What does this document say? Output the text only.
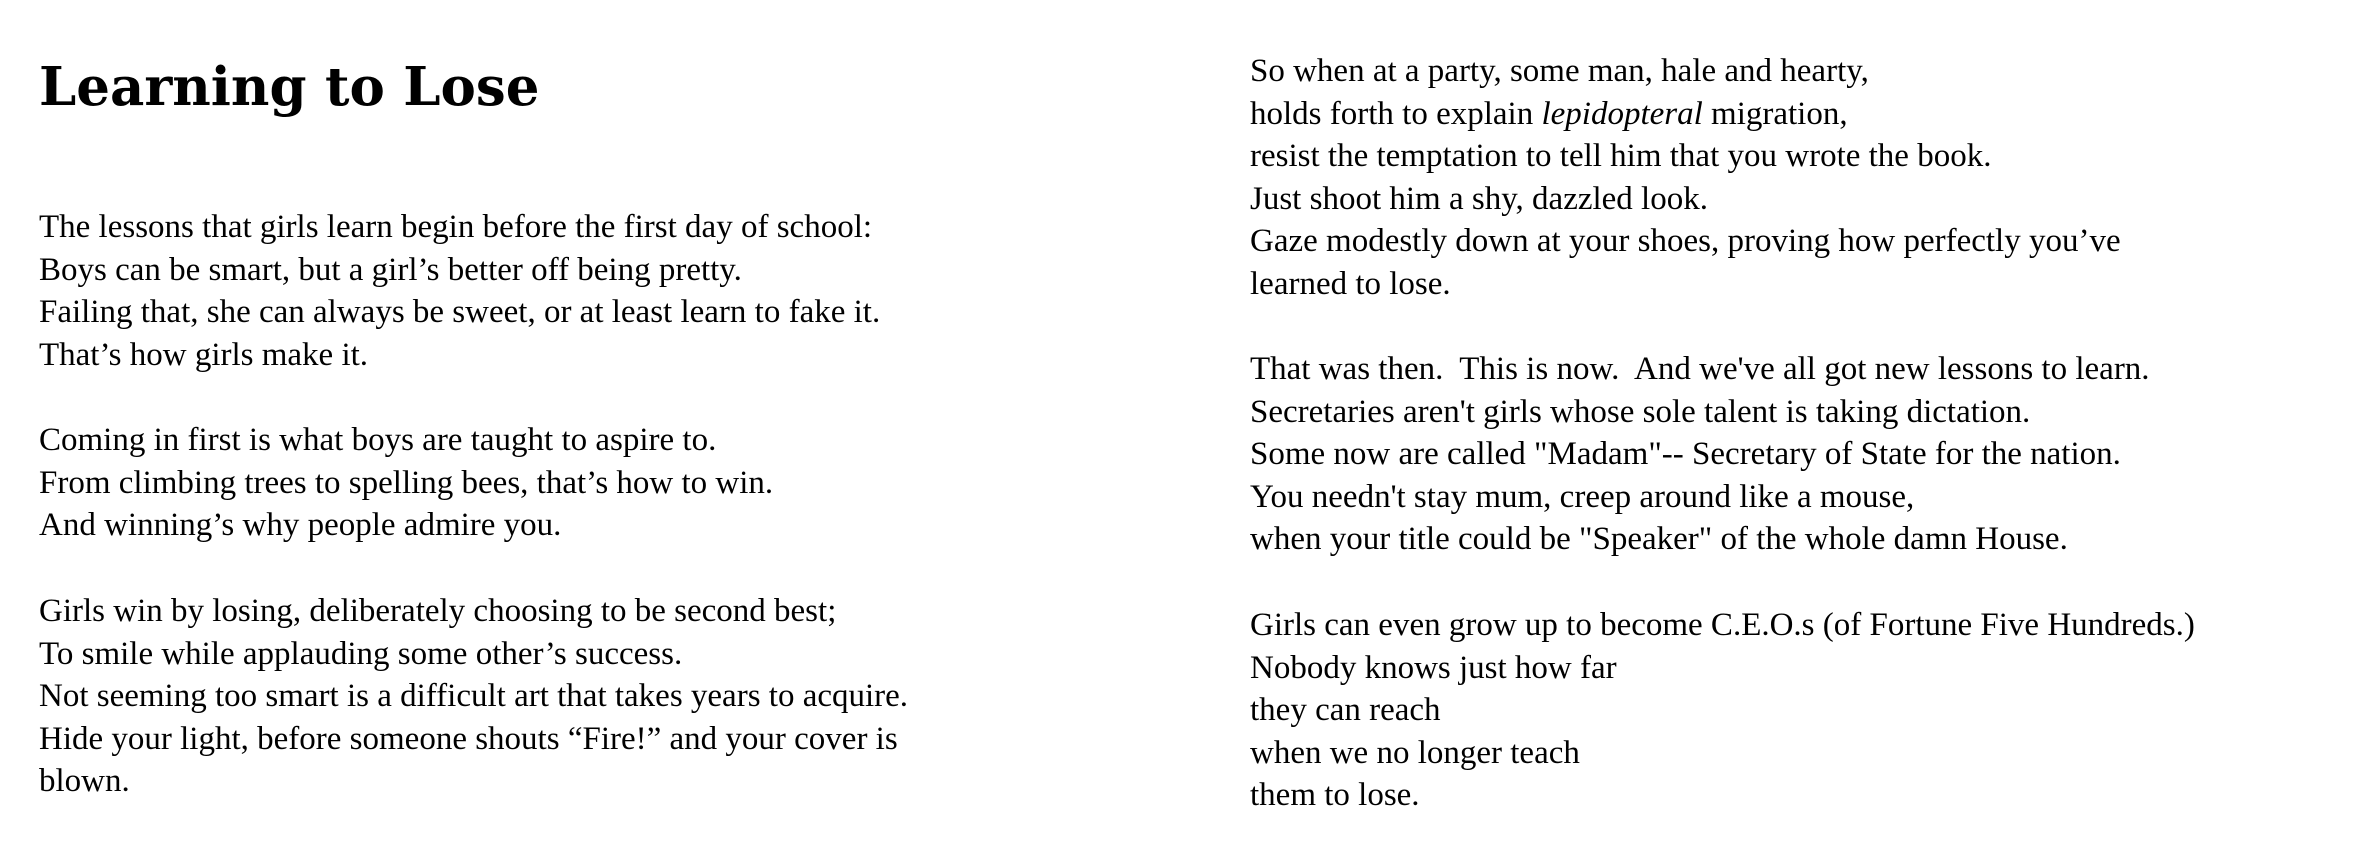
Learning to Lose
The lessons that girls learn begin before the first day of school:
Boys can be smart, but a girl’s better off being pretty.
Failing that, she can always be sweet, or at least learn to fake it.
That’s how girls make it.
Coming in first is what boys are taught to aspire to.
From climbing trees to spelling bees, that’s how to win.
And winning’s why people admire you.
Girls win by losing, deliberately choosing to be second best;
To smile while applauding some other’s success.
Not seeming too smart is a difficult art that takes years to acquire.
Hide your light, before someone shouts “Fire!” and your cover is
blown.
So when at a party, some man, hale and hearty,
holds forth to explain lepidopteral migration,
resist the temptation to tell him that you wrote the book.
Just shoot him a shy, dazzled look.
Gaze modestly down at your shoes, proving how perfectly you’ve
learned to lose.
That was then.  This is now.  And we've all got new lessons to learn.
Secretaries aren't girls whose sole talent is taking dictation.
Some now are called "Madam"-- Secretary of State for the nation.
You needn't stay mum, creep around like a mouse,
when your title could be "Speaker" of the whole damn House.
Girls can even grow up to become C.E.O.s (of Fortune Five Hundreds.)
Nobody knows just how far
they can reach
when we no longer teach
them to lose.
